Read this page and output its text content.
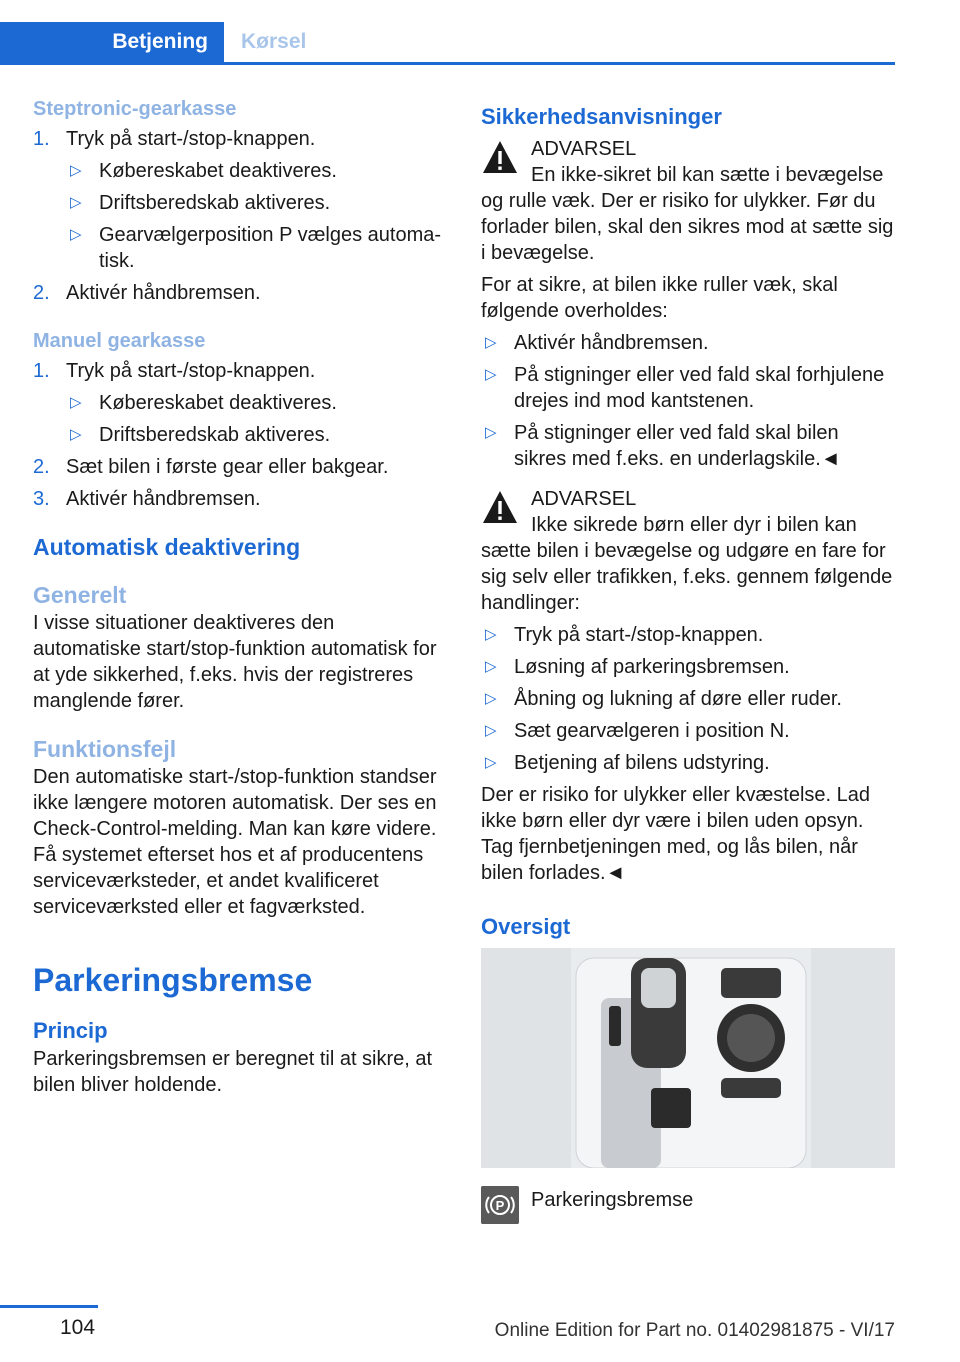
Betjening	Kørsel
Steptronic-gearkasse
1. Tryk på start-/stop-knappen.
▷ Købereskabet deaktiveres.
▷ Driftsberedskab aktiveres.
▷ Gearvælgerposition P vælges automa-tisk.
2. Aktivér håndbremsen.
Manuel gearkasse
1. Tryk på start-/stop-knappen.
▷ Købereskabet deaktiveres.
▷ Driftsberedskab aktiveres.
2. Sæt bilen i første gear eller bakgear.
3. Aktivér håndbremsen.
Automatisk deaktivering
Generelt

I visse situationer deaktiveres den automatiske start/stop-funktion automatisk for at yde sikkerhed, f.eks. hvis der registreres manglende fører.

Funktionsfejl

Den automatiske start-/stop-funktion standser ikke længere motoren automatisk. Der ses en Check-Control-melding. Man kan køre videre. Få systemet efterset hos et af producentens serviceværksteder, et andet kvalificeret serviceværksted eller et fagværksted.

Parkeringsbremse
Princip

Parkeringsbremsen er beregnet til at sikre, at bilen bliver holdende.

Sikkerhedsanvisninger
ADVARSEL

En ikke-sikret bil kan sætte i bevægelse og rulle væk. Der er risiko for ulykker. Før du forlader bilen, skal den sikres mod at sætte sig i bevægelse.

For at sikre, at bilen ikke ruller væk, skal følgende overholdes:

▷ Aktivér håndbremsen.
▷ På stigninger eller ved fald skal forhjulene drejes ind mod kantstenen.
▷ På stigninger eller ved fald skal bilen sikres med f.eks. en underlagskile.◄
ADVARSEL

Ikke sikrede børn eller dyr i bilen kan sætte bilen i bevægelse og udgøre en fare for sig selv eller trafikken, f.eks. gennem følgende handlinger:

▷ Tryk på start-/stop-knappen.
▷ Løsning af parkeringsbremsen.
▷ Åbning og lukning af døre eller ruder.
▷ Sæt gearvælgeren i position N.
▷ Betjening af bilens udstyring.

Der er risiko for ulykker eller kvæstelse. Lad ikke børn eller dyr være i bilen uden opsyn. Tag fjernbetjeningen med, og lås bilen, når bilen forlades.◄

Oversigt
P Parkeringsbremse
104	Online Edition for Part no. 01402981875 - VI/17
